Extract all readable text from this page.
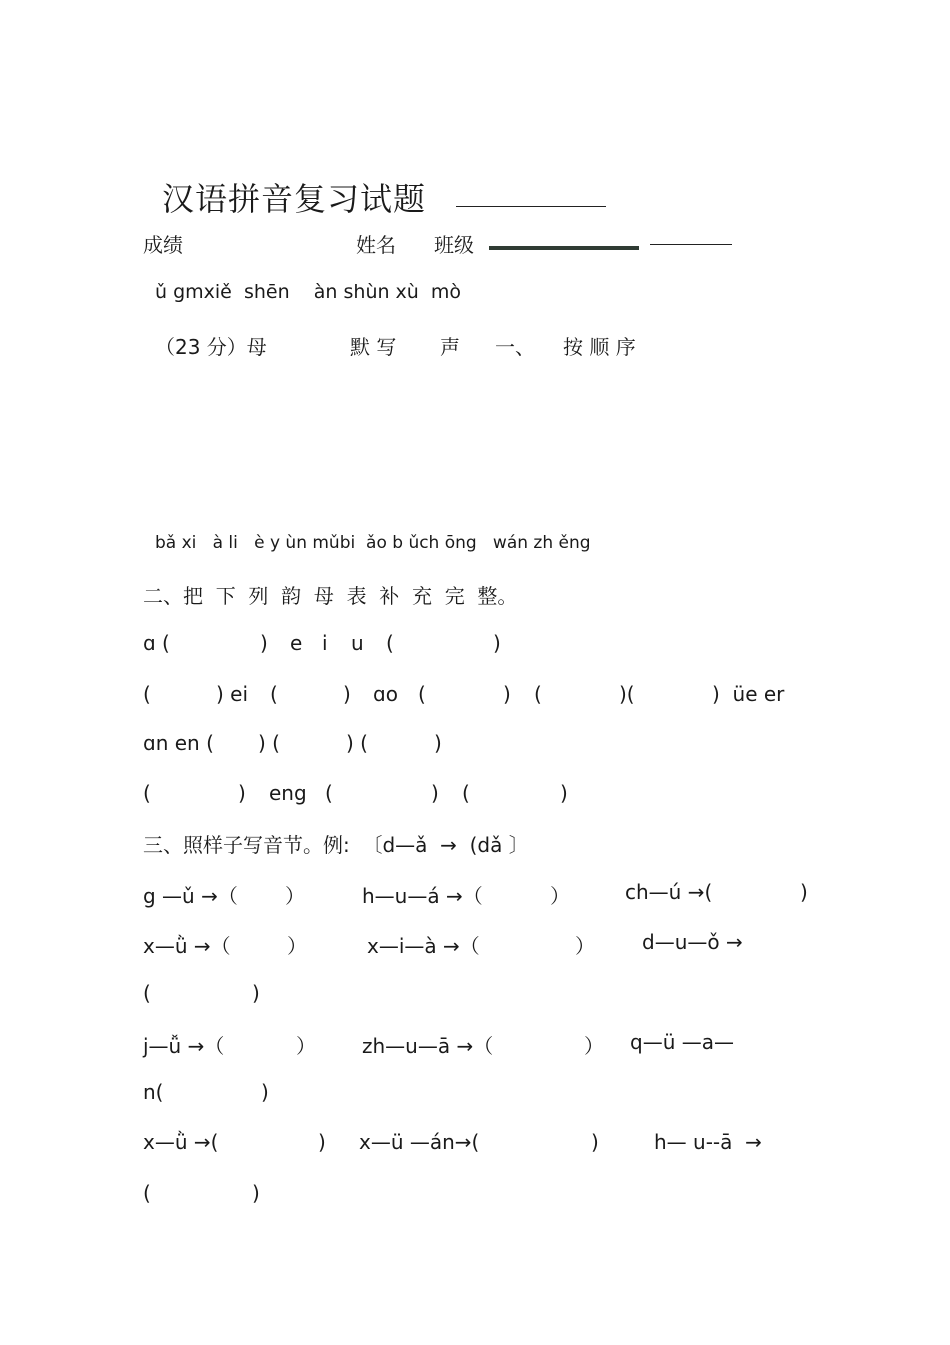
汉语拼音复习试题
成绩	姓名 班级
ǔ gmxiě  shēn    àn shùn xù  mò
（23 分）母	默 写 声 一、 按 顺 序
bǎ xi   à li   è y ùn mǔbi  ǎo b ǔch ōng   wán zh ěng
二、把  下  列  韵  母  表  补  充  完  整。
ɑ (	) e i u (	)
(	) ei (	) ɑo (	) (	)(	)  üe er
ɑn en ( ) (	) (	)
(	) eng (	) (	)
三、照样子写音节。例:  〔d—ǎ  →  (dǎ 〕
g —ǔ →（ ）	h—u—á →（	）	ch—ú →(	)
x—ǜ →（	）	x—i—à →（	） d—u—ǒ →
(	)
j—ǚ →（	） zh—u—ā →（	） q—ü —a—
n(	)
x—ǜ →(	) x—ü —án→(	)	h— u--ā  →
(	)
